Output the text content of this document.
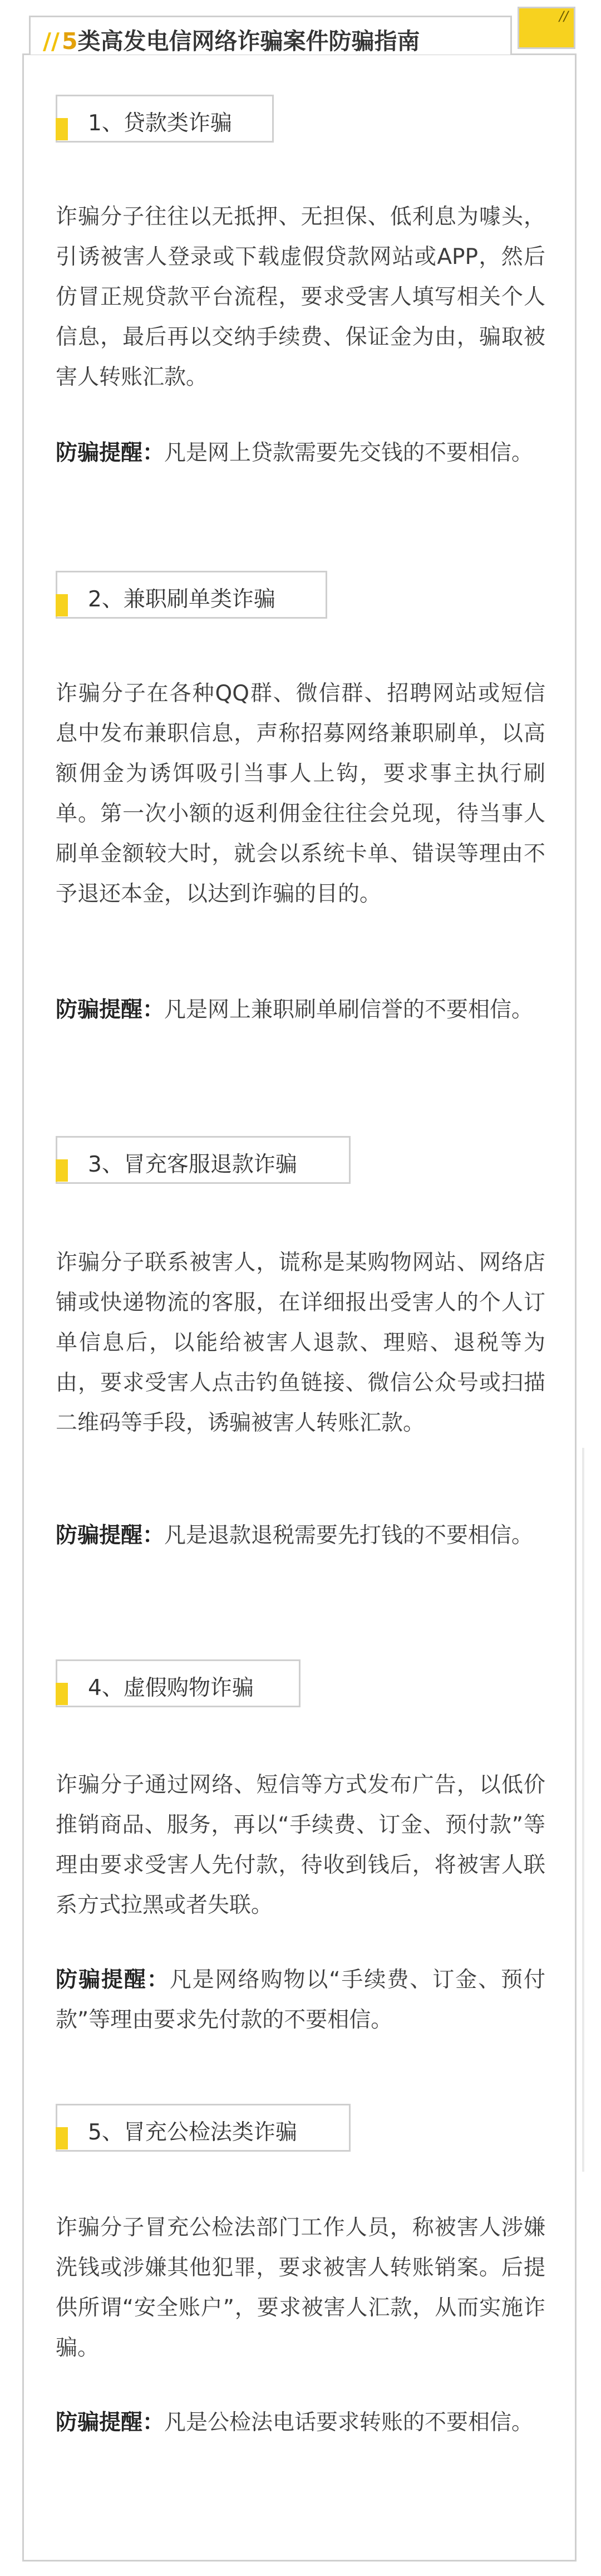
//5类高发电信网络诈骗案件防骗指南
//
1、贷款类诈骗

诈骗分子往往以无抵押、无担保、低利息为噱头，引诱被害人登录或下载虚假贷款网站或APP，然后仿冒正规贷款平台流程，要求受害人填写相关个人信息，最后再以交纳手续费、保证金为由，骗取被害人转账汇款。

防骗提醒：凡是网上贷款需要先交钱的不要相信。

2、兼职刷单类诈骗

诈骗分子在各种QQ群、微信群、招聘网站或短信息中发布兼职信息，声称招募网络兼职刷单，以高额佣金为诱饵吸引当事人上钩，要求事主执行刷单。第一次小额的返利佣金往往会兑现，待当事人刷单金额较大时，就会以系统卡单、错误等理由不予退还本金，以达到诈骗的目的。

防骗提醒：凡是网上兼职刷单刷信誉的不要相信。

3、冒充客服退款诈骗

诈骗分子联系被害人，谎称是某购物网站、网络店铺或快递物流的客服，在详细报出受害人的个人订单信息后，以能给被害人退款、理赔、退税等为由，要求受害人点击钓鱼链接、微信公众号或扫描二维码等手段，诱骗被害人转账汇款。

防骗提醒：凡是退款退税需要先打钱的不要相信。

4、虚假购物诈骗

诈骗分子通过网络、短信等方式发布广告，以低价推销商品、服务，再以“手续费、订金、预付款”等理由要求受害人先付款，待收到钱后，将被害人联系方式拉黑或者失联。

防骗提醒：凡是网络购物以“手续费、订金、预付款”等理由要求先付款的不要相信。

5、冒充公检法类诈骗

诈骗分子冒充公检法部门工作人员，称被害人涉嫌洗钱或涉嫌其他犯罪，要求被害人转账销案。后提供所谓“安全账户”，要求被害人汇款，从而实施诈骗。

防骗提醒：凡是公检法电话要求转账的不要相信。
